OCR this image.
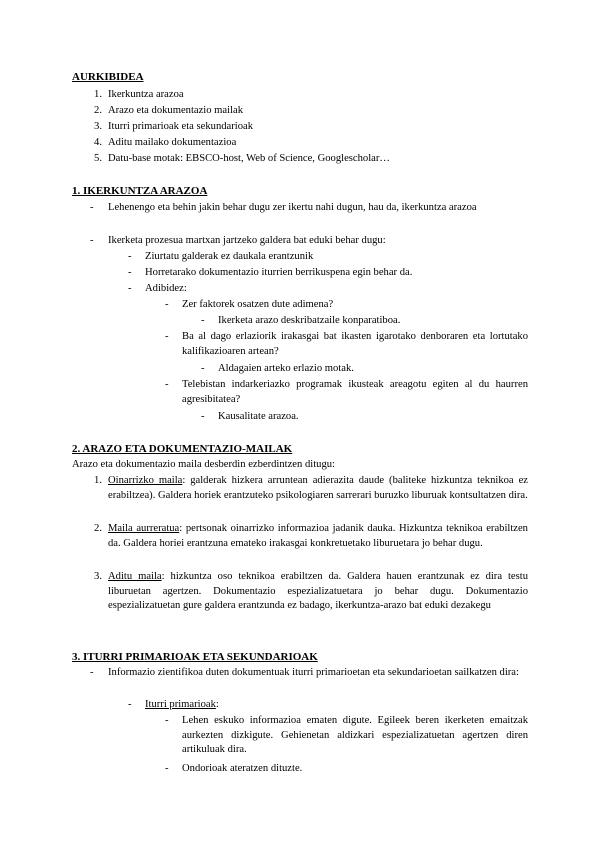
AURKIBIDEA
1. Ikerkuntza arazoa
2. Arazo eta dokumentazio mailak
3. Iturri primarioak eta sekundarioak
4. Aditu mailako dokumentazioa
5. Datu-base motak: EBSCO-host, Web of Science, Googlescholar…
1. IKERKUNTZA ARAZOA
- Lehenengo eta behin jakin behar dugu zer ikertu nahi dugun, hau da, ikerkuntza arazoa
- Ikerketa prozesua martxan jartzeko galdera bat eduki behar dugu:
- Ziurtatu galderak ez daukala erantzunik
- Horretarako dokumentazio iturrien berrikuspena egin behar da.
- Adibidez:
- Zer faktorek osatzen dute adimena?
- Ikerketa arazo deskribatzaile konparatiboa.
- Ba al dago erlaziorik irakasgai bat ikasten igarotako denboraren eta lortutako kalifikazioaren artean?
- Aldagaien arteko erlazio motak.
- Telebistan indarkeriazko programak ikusteak areagotu egiten al du haurren agresibitatea?
- Kausalitate arazoa.
2. ARAZO ETA DOKUMENTAZIO-MAILAK
Arazo eta dokumentazio maila desberdin ezberdintzen ditugu:
1. Oinarrizko maila: galderak hizkera arruntean adierazita daude (baliteke hizkuntza teknikoa ez erabiltzea). Galdera horiek erantzuteko psikologiaren sarrerari buruzko liburuak kontsultatzen dira.
2. Maila aurreratua: pertsonak oinarrizko informazioa jadanik dauka. Hizkuntza teknikoa erabiltzen da. Galdera horiei erantzuna emateko irakasgai konkretuetako liburuetara jo behar dugu.
3. Aditu maila: hizkuntza oso teknikoa erabiltzen da. Galdera hauen erantzunak ez dira testu liburuetan agertzen. Dokumentazio espezializatuetara jo behar dugu. Dokumentazio espezializatuetan gure galdera erantzunda ez badago, ikerkuntza-arazo bat eduki dezakegu
3. ITURRI PRIMARIOAK ETA SEKUNDARIOAK
- Informazio zientifikoa duten dokumentuak iturri primarioetan eta sekundarioetan sailkatzen dira:
- Iturri primarioak:
- Lehen eskuko informazioa ematen digute. Egileek beren ikerketen emaitzak aurkezten dizkigute. Gehienetan aldizkari espezializatuetan agertzen diren artikuluak dira.
- Ondorioak ateratzen dituzte.
